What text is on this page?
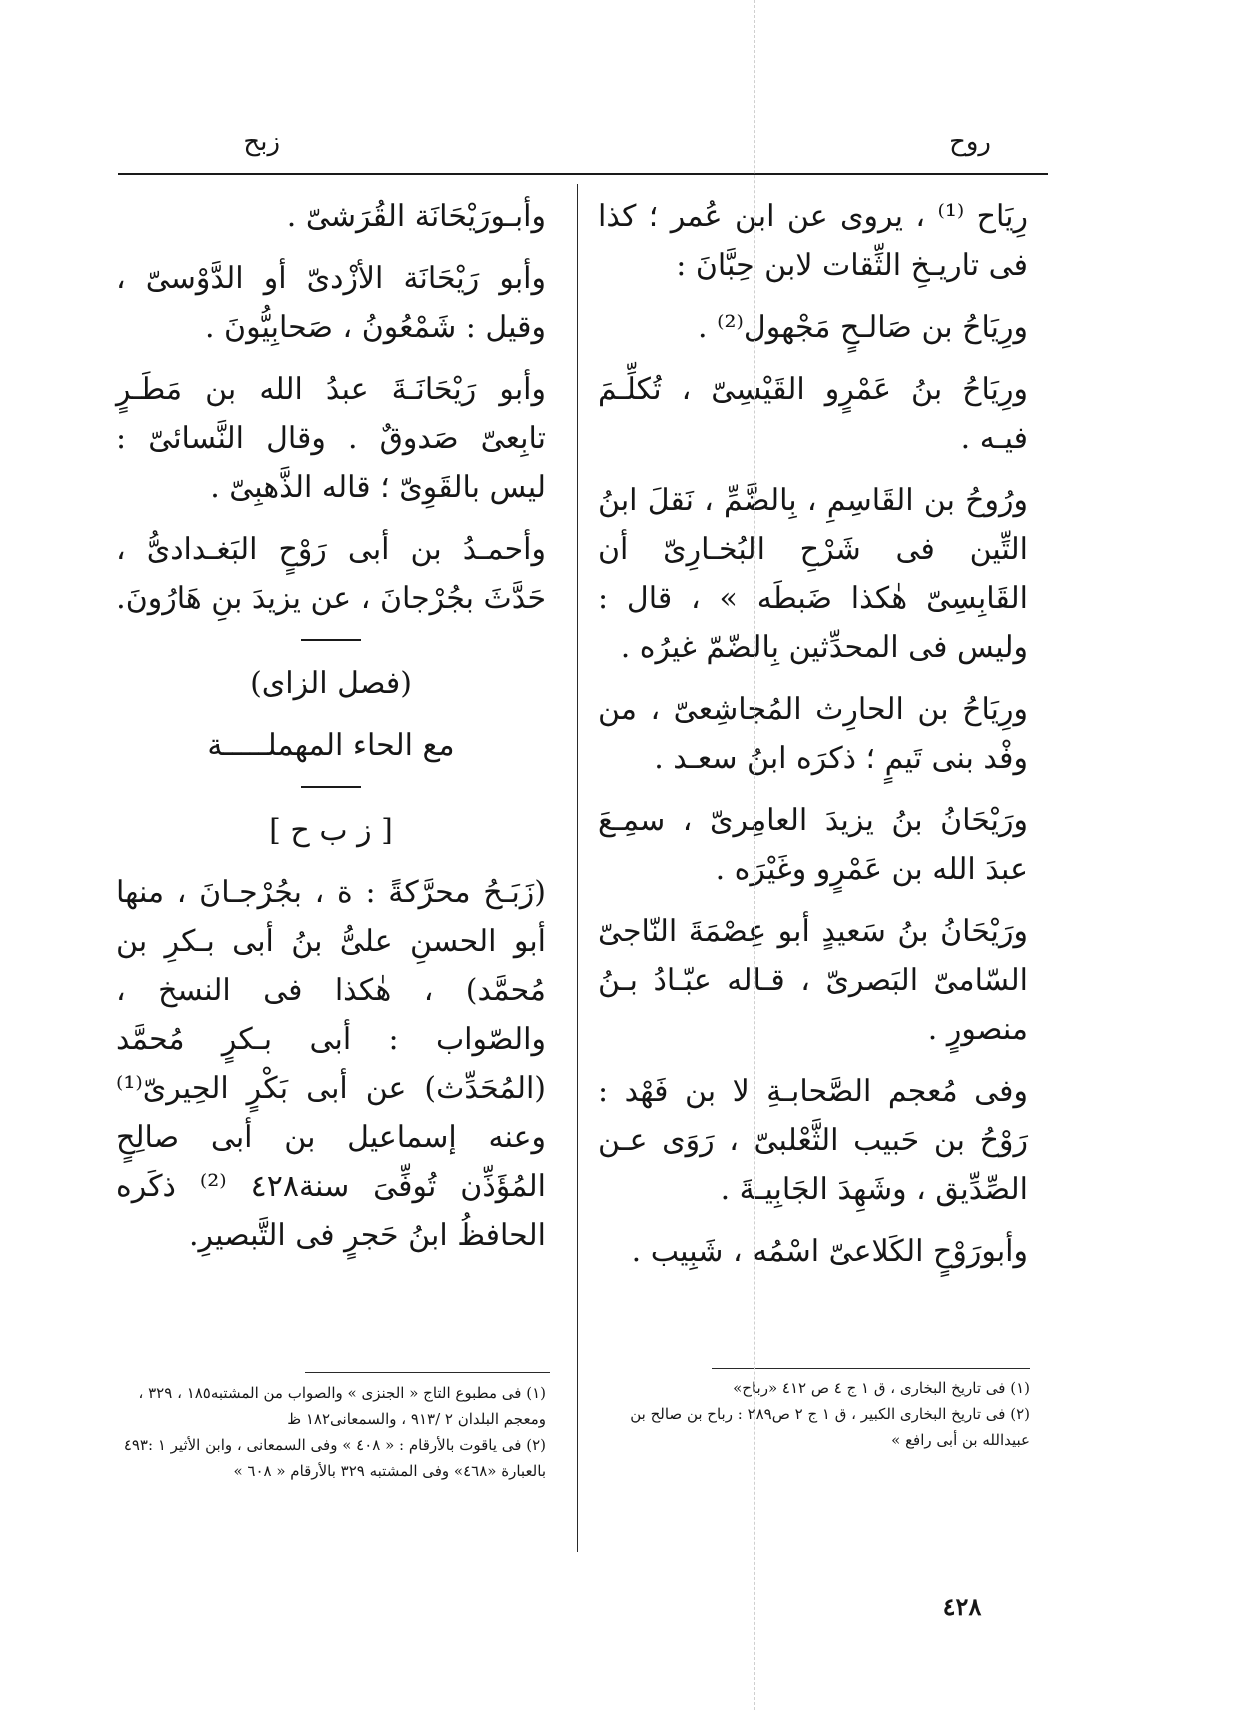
روح
زبح

رِيَاح ⁽¹⁾ ، يروى عن ابن عُمر ؛ كذا فى تاريـخِ الثِّقات لابن حِبَّانَ :

ورِيَاحُ بن صَالـحٍ مَجْهول⁽²⁾ .

ورِيَاحُ بنُ عَمْرٍو القَيْسِىّ ، تُكلِّـمَ فيـه .

ورُوحُ بن القَاسِمِ ، بِالضَّمِّ ، نَقلَ ابنُ التِّين فى شَرْحِ البُخـارِىّ أن القَابِسِىّ هٰكذا ضَبطَه » ، قال : وليس فى المحدِّثين بِالضّمّ غيرُه .

ورِيَاحُ بن الحارِث المُجاشِعىّ ، من وفْد بنى تَيمٍ ؛ ذكرَه ابنُ سعـد .

ورَيْحَانُ بنُ يزيدَ العامِرىّ ، سمِـعَ عبدَ الله بن عَمْرٍو وغَيْرَه .

ورَيْحَانُ بنُ سَعيدٍ أبو عِصْمَةَ النّاجىّ السّامىّ البَصرىّ ، قـاله عبّـادُ بـنُ منصورٍ .

وفى مُعجم الصَّحابـةِ لا بن فَهْد : رَوْحُ بن حَبيب الثَّعْلبىّ ، رَوَى عـن الصِّدِّيق ، وشَهِدَ الجَابِيـةَ .

وأبورَوْحٍ الكَلاعىّ اسْمُه ، شَبِيب .

وأبـورَيْحَانَة القُرَشىّ .

وأبو رَيْحَانَة الأزْدىّ أو الدَّوْسىّ ، وقيل : شَمْعُونُ ، صَحابِيُّونَ .

وأبو رَيْحَانَـةَ عبدُ الله بن مَطَـرٍ تابِعىّ صَدوقٌ . وقال النَّسائىّ : ليس بالقَوِىّ ؛ قاله الذَّهبِىّ .

وأحمـدُ بن أبى رَوْحٍ البَغـدادىُّ ، حَدَّثَ بجُرْجانَ ، عن يزيدَ بنِ هَارُونَ.

(فصل الزاى)

مع الحاء المهملـــــة

[ ز ب ح ]

(زَبَـحُ محرَّكةً : ة ، بجُرْجـانَ ، منها أبو الحسنِ علىُّ بنُ أبى بـكرِ بن مُحمَّد) ، هٰكذا فى النسخ ، والصّواب : أبى بـكرٍ مُحمَّد (المُحَدِّث) عن أبى بَكْرٍ الحِيرىّ⁽¹⁾ وعنه إسماعيل بن أبى صالِحٍ المُؤَذِّن تُوفِّىَ سنة٤٢٨ ⁽²⁾ ذكَره الحافظُ ابنُ حَجرٍ فى التَّبصيرِ.

(١) فى تاريخ البخارى ، ق ١ ج ٤ ص ٤١٢ «رباح»
(٢) فى تاريخ البخارى الكبير ، ق ١ ج ٢ ص٢٨٩ : رباح بن صالح بن عبيدالله بن أبى رافع »
(١) فى مطبوع التاج « الجنزى » والصواب من المشتبه١٨٥ ، ٣٢٩ ، ومعجم البلدان ٢ /٩١٣ ، والسمعانى١٨٢ ظ
(٢) فى ياقوت بالأرقام : « ٤٠٨ » وفى السمعانى ، وابن الأثير ١ :٤٩٣ بالعبارة «٤٦٨» وفى المشتبه ٣٢٩ بالأرقام « ٦٠٨ »
٤٢٨
